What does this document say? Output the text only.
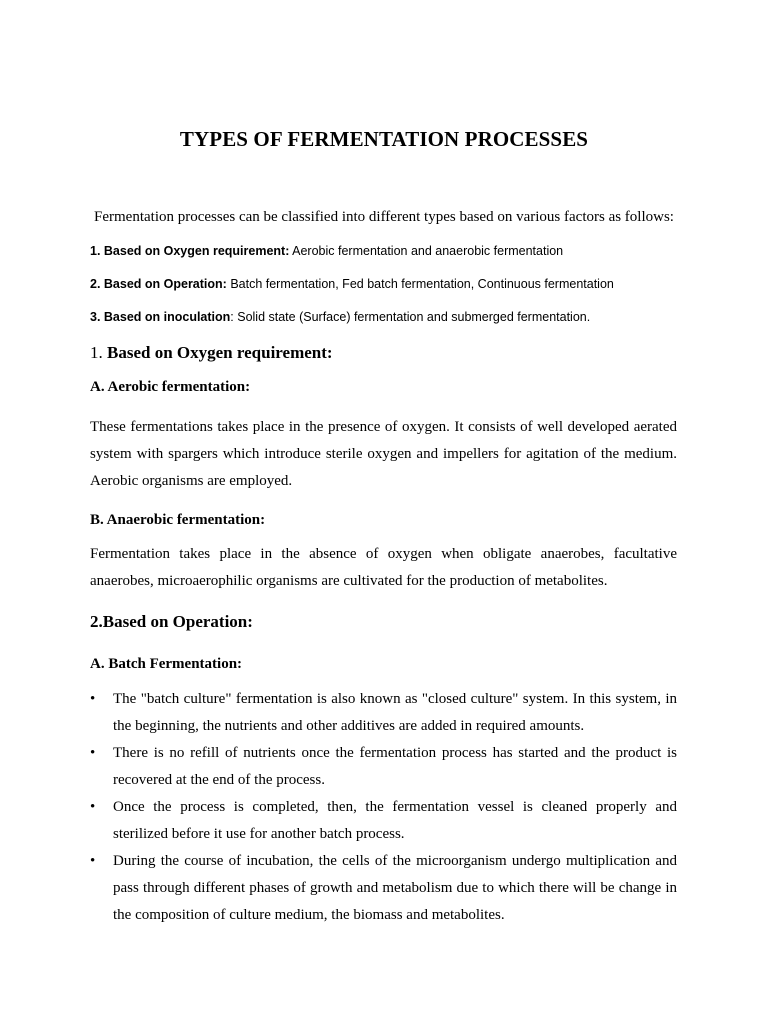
TYPES OF FERMENTATION PROCESSES
Fermentation processes can be classified into different types based on various factors as follows:
1. Based on Oxygen requirement: Aerobic fermentation and anaerobic fermentation
2. Based on Operation: Batch fermentation, Fed batch fermentation, Continuous fermentation
3. Based on inoculation: Solid state (Surface) fermentation and submerged fermentation.
1. Based on Oxygen requirement:
A. Aerobic fermentation:
These fermentations takes place in the presence of oxygen. It consists of well developed aerated system with spargers which introduce sterile oxygen and impellers for agitation of the medium. Aerobic organisms are employed.
B. Anaerobic fermentation:
Fermentation takes place in the absence of oxygen when obligate anaerobes, facultative anaerobes, microaerophilic organisms are cultivated for the production of metabolites.
2.Based on Operation:
A. Batch Fermentation:
• The "batch culture" fermentation is also known as "closed culture" system. In this system, in the beginning, the nutrients and other additives are added in required amounts.
• There is no refill of nutrients once the fermentation process has started and the product is recovered at the end of the process.
• Once the process is completed, then, the fermentation vessel is cleaned properly and sterilized before it use for another batch process.
• During the course of incubation, the cells of the microorganism undergo multiplication and pass through different phases of growth and metabolism due to which there will be change in the composition of culture medium, the biomass and metabolites.
